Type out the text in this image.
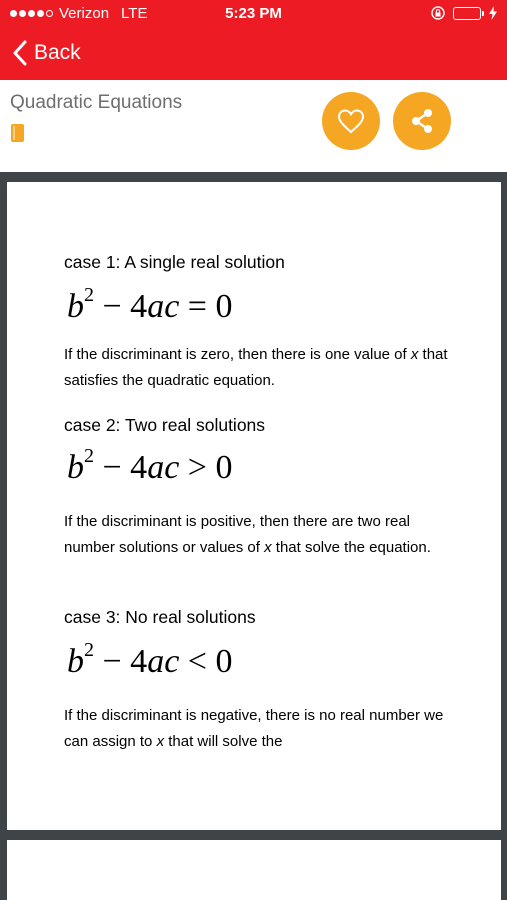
Verizon LTE	5:23 PM
Back
Quadratic Equations
case 1: A single real solution
$b^2 - 4ac = 0$
If the discriminant is zero, then there is one value of x that satisfies the quadratic equation.
case 2: Two real solutions
$b^2 - 4ac > 0$
If the discriminant is positive, then there are two real number solutions or values of x that solve the equation.
case 3: No real solutions
$b^2 - 4ac < 0$
If the discriminant is negative, there is no real number we can assign to x that will solve the
